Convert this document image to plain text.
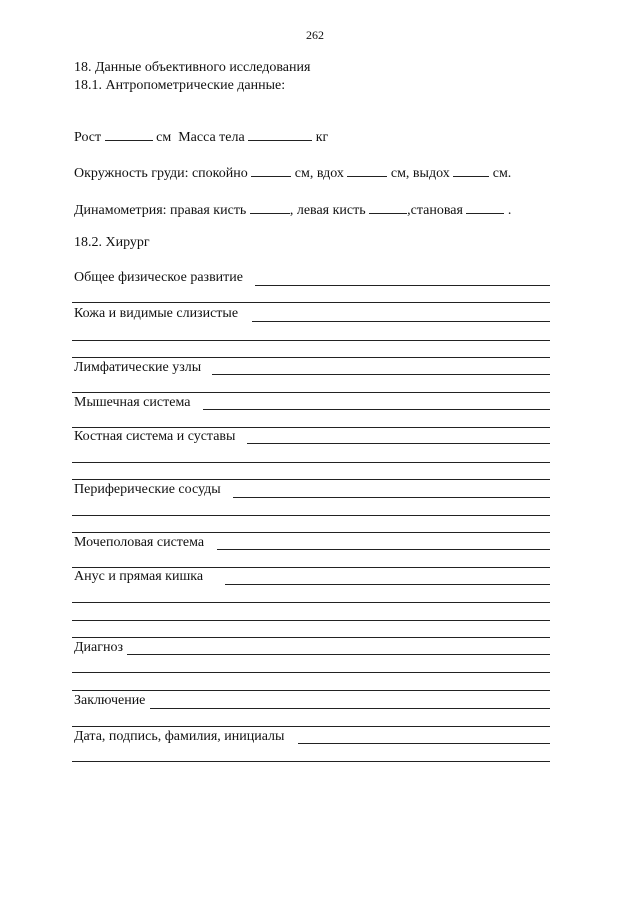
262
18. Данные объективного исследования
18.1. Антропометрические данные:
Рост	см Масса тела	кг
Окружность груди: спокойно	см, вдох	см, выдох	см.
Динамометрия: правая кисть	, левая кисть	,становая	.
18.2. Хирург
Общее физическое развитие
Кожа и видимые слизистые
Лимфатические узлы
Мышечная система
Костная система и суставы
Периферические сосуды
Мочеполовая система
Анус и прямая кишка
Диагноз
Заключение
Дата, подпись, фамилия, инициалы
